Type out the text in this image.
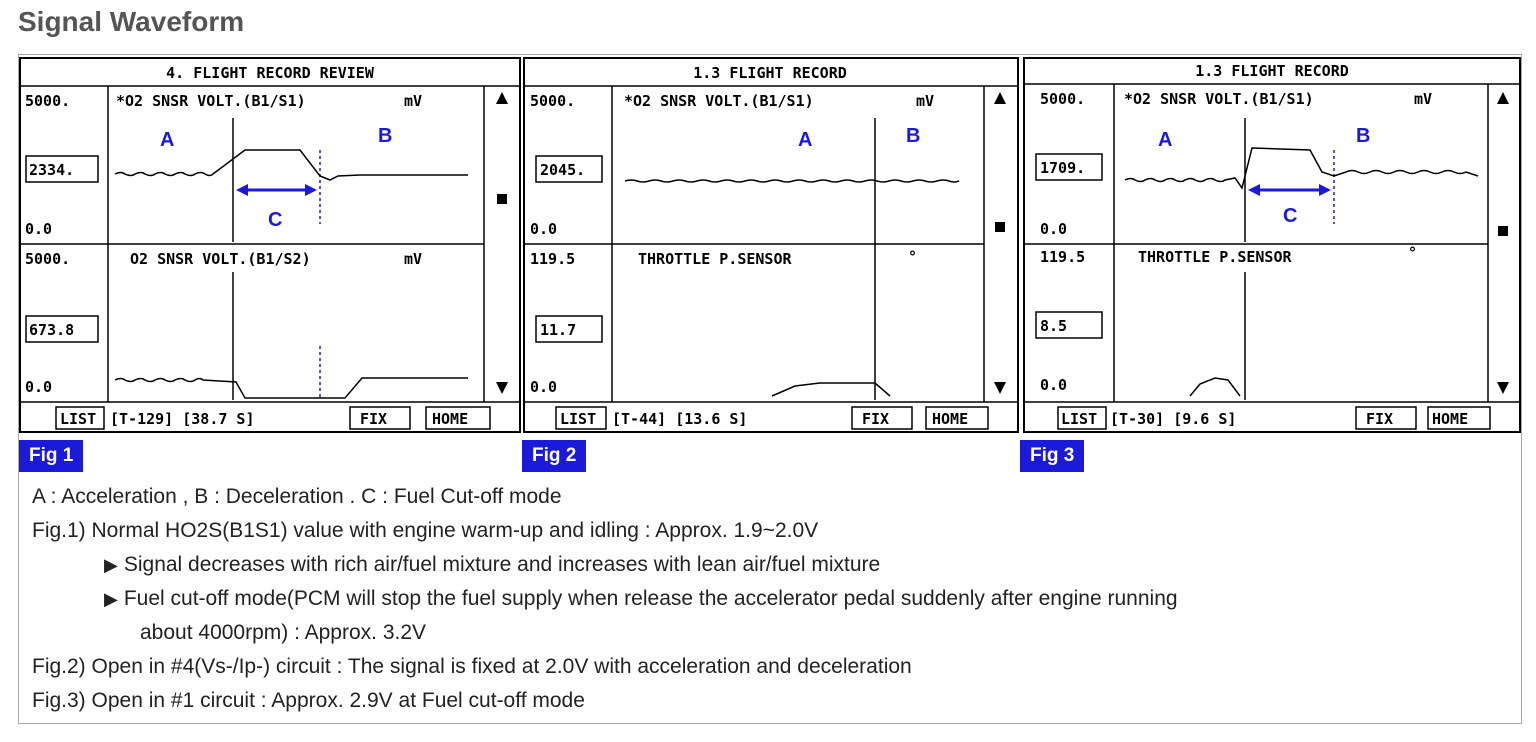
Signal Waveform
4. FLIGHT RECORD REVIEW
5000.	*O2 SNSR VOLT.(B1/S1)	mV
2334.
0.0
5000.	O2 SNSR VOLT.(B1/S2)	mV
673.8
0.0
LIST [T-129] [38.7 S]	FIX	HOME
1.3 FLIGHT RECORD
5000.	*O2 SNSR VOLT.(B1/S1)	mV
2045.
0.0
119.5	THROTTLE P.SENSOR	°
11.7
0.0
LIST [T-44] [13.6 S]	FIX	HOME
1.3 FLIGHT RECORD
5000.	*O2 SNSR VOLT.(B1/S1)	mV
1709.
0.0
119.5	THROTTLE P.SENSOR	°
8.5
0.0
LIST [T-30] [9.6 S]	FIX	HOME
A	B
C
A	B	A	B
C
Fig 1	Fig 2	Fig 3
A : Acceleration , B : Deceleration . C : Fuel Cut-off mode
Fig.1) Normal HO2S(B1S1) value with engine warm-up and idling : Approx. 1.9~2.0V
▶ Signal decreases with rich air/fuel mixture and increases with lean air/fuel mixture
▶ Fuel cut-off mode(PCM will stop the fuel supply when release the accelerator pedal suddenly after engine running
about 4000rpm) : Approx. 3.2V
Fig.2) Open in #4(Vs-/Ip-) circuit : The signal is fixed at 2.0V with acceleration and deceleration
Fig.3) Open in #1 circuit : Approx. 2.9V at Fuel cut-off mode
